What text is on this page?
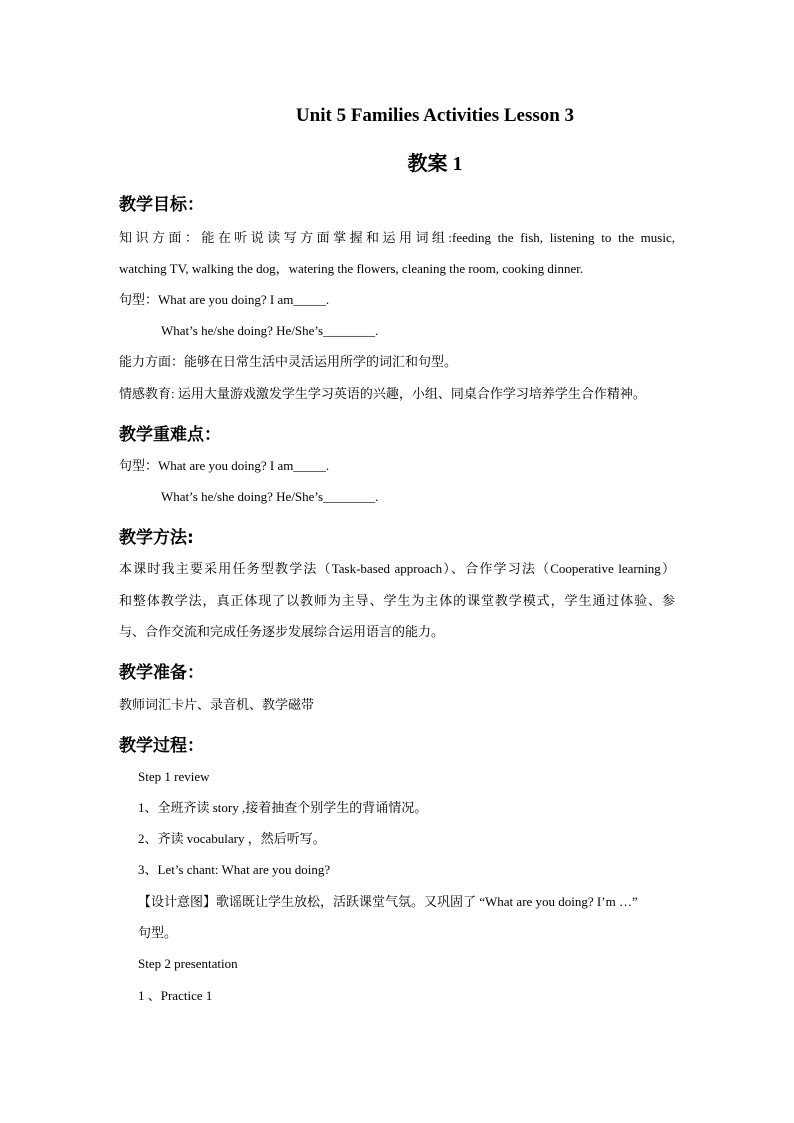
Unit 5 Families Activities Lesson 3
教案 1
教学目标：
知识方面：能在听说读写方面掌握和运用词组:feeding the fish, listening to the music,
watching TV, walking the dog，watering the flowers, cleaning the room, cooking dinner.
句型：What are you doing? I am_____.
What’s he/she doing? He/She’s________.
能力方面：能够在日常生活中灵活运用所学的词汇和句型。
情感教育: 运用大量游戏激发学生学习英语的兴趣，小组、同桌合作学习培养学生合作精神。
教学重难点：
句型：What are you doing? I am_____.
What’s he/she doing? He/She’s________.
教学方法:
本课时我主要采用任务型教学法（Task-based approach）、合作学习法（Cooperative learning）
和整体教学法，真正体现了以教师为主导、学生为主体的课堂教学模式，学生通过体验、参
与、合作交流和完成任务逐步发展综合运用语言的能力。
教学准备：
教师词汇卡片、录音机、教学磁带
教学过程：
Step 1 review
1、全班齐读 story ,接着抽查个别学生的背诵情况。
2、齐读 vocabulary ，然后听写。
3、Let’s chant: What are you doing?
【设计意图】歌谣既让学生放松，活跃课堂气氛。又巩固了 “What are you doing? I’m …”
句型。
Step 2 presentation
1 、Practice 1
